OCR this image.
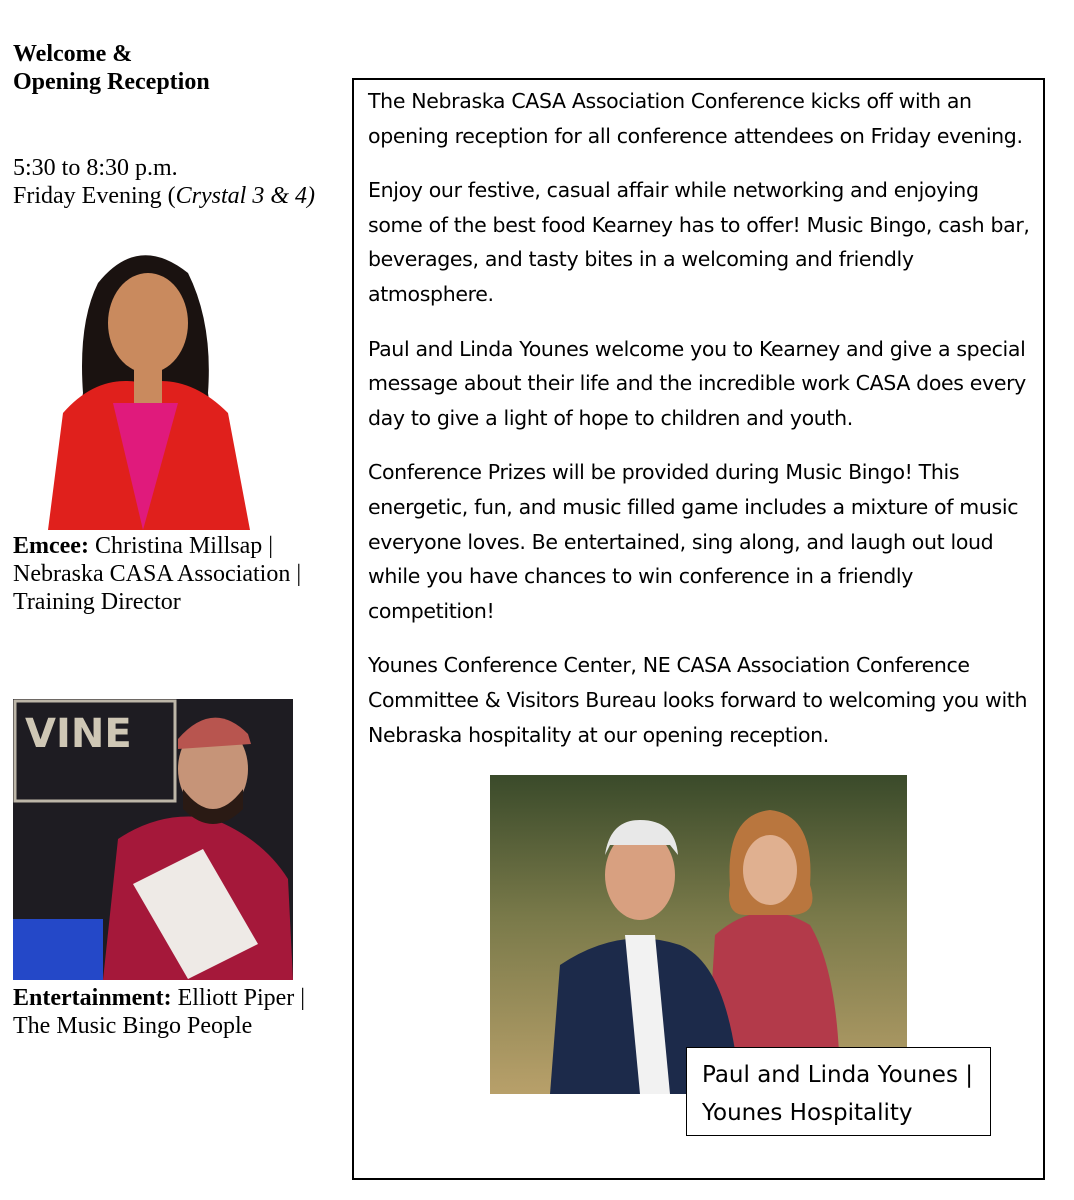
Welcome &
Opening Reception
5:30 to 8:30 p.m.
Friday Evening (Crystal 3 & 4)
Emcee: Christina Millsap |
Nebraska CASA Association |
Training Director
VINE
Entertainment: Elliott Piper |
The Music Bingo People

The Nebraska CASA Association Conference kicks off with an opening reception for all conference attendees on Friday evening.

Enjoy our festive, casual affair while networking and enjoying some of the best food Kearney has to offer! Music Bingo, cash bar, beverages, and tasty bites in a welcoming and friendly atmosphere.

Paul and Linda Younes welcome you to Kearney and give a special message about their life and the incredible work CASA does every day to give a light of hope to children and youth.

Conference Prizes will be provided during Music Bingo! This energetic, fun, and music filled game includes a mixture of music everyone loves. Be entertained, sing along, and laugh out loud while you have chances to win conference in a friendly competition!

Younes Conference Center, NE CASA Association Conference Committee & Visitors Bureau looks forward to welcoming you with Nebraska hospitality at our opening reception.

Paul and Linda Younes |
Younes Hospitality
